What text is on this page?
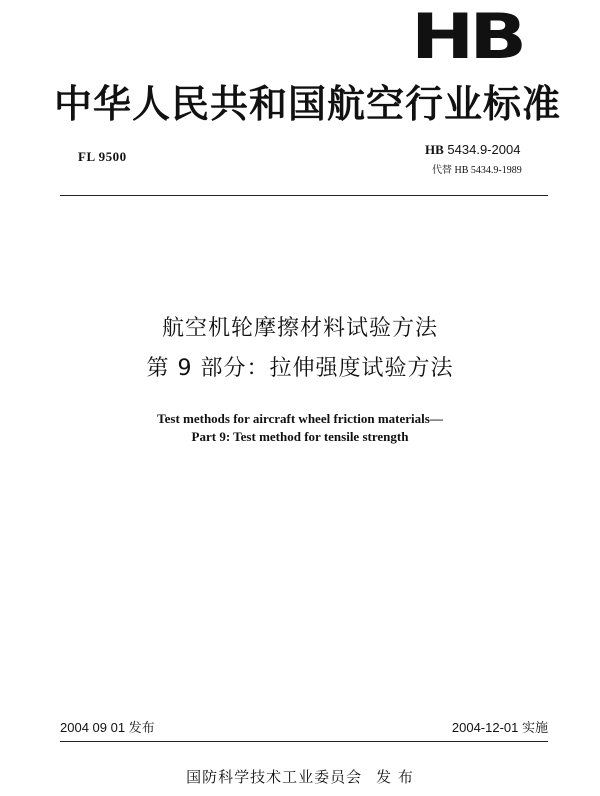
HB
中华人民共和国航空行业标准
FL 9500	HB 5434.9-2004
代替 HB 5434.9-1989
航空机轮摩擦材料试验方法
第 9 部分：拉伸强度试验方法
Test methods for aircraft wheel friction materials—
Part 9: Test method for tensile strength
2004 09 01 发布	2004-12-01 实施
国防科学技术工业委员会 发 布
